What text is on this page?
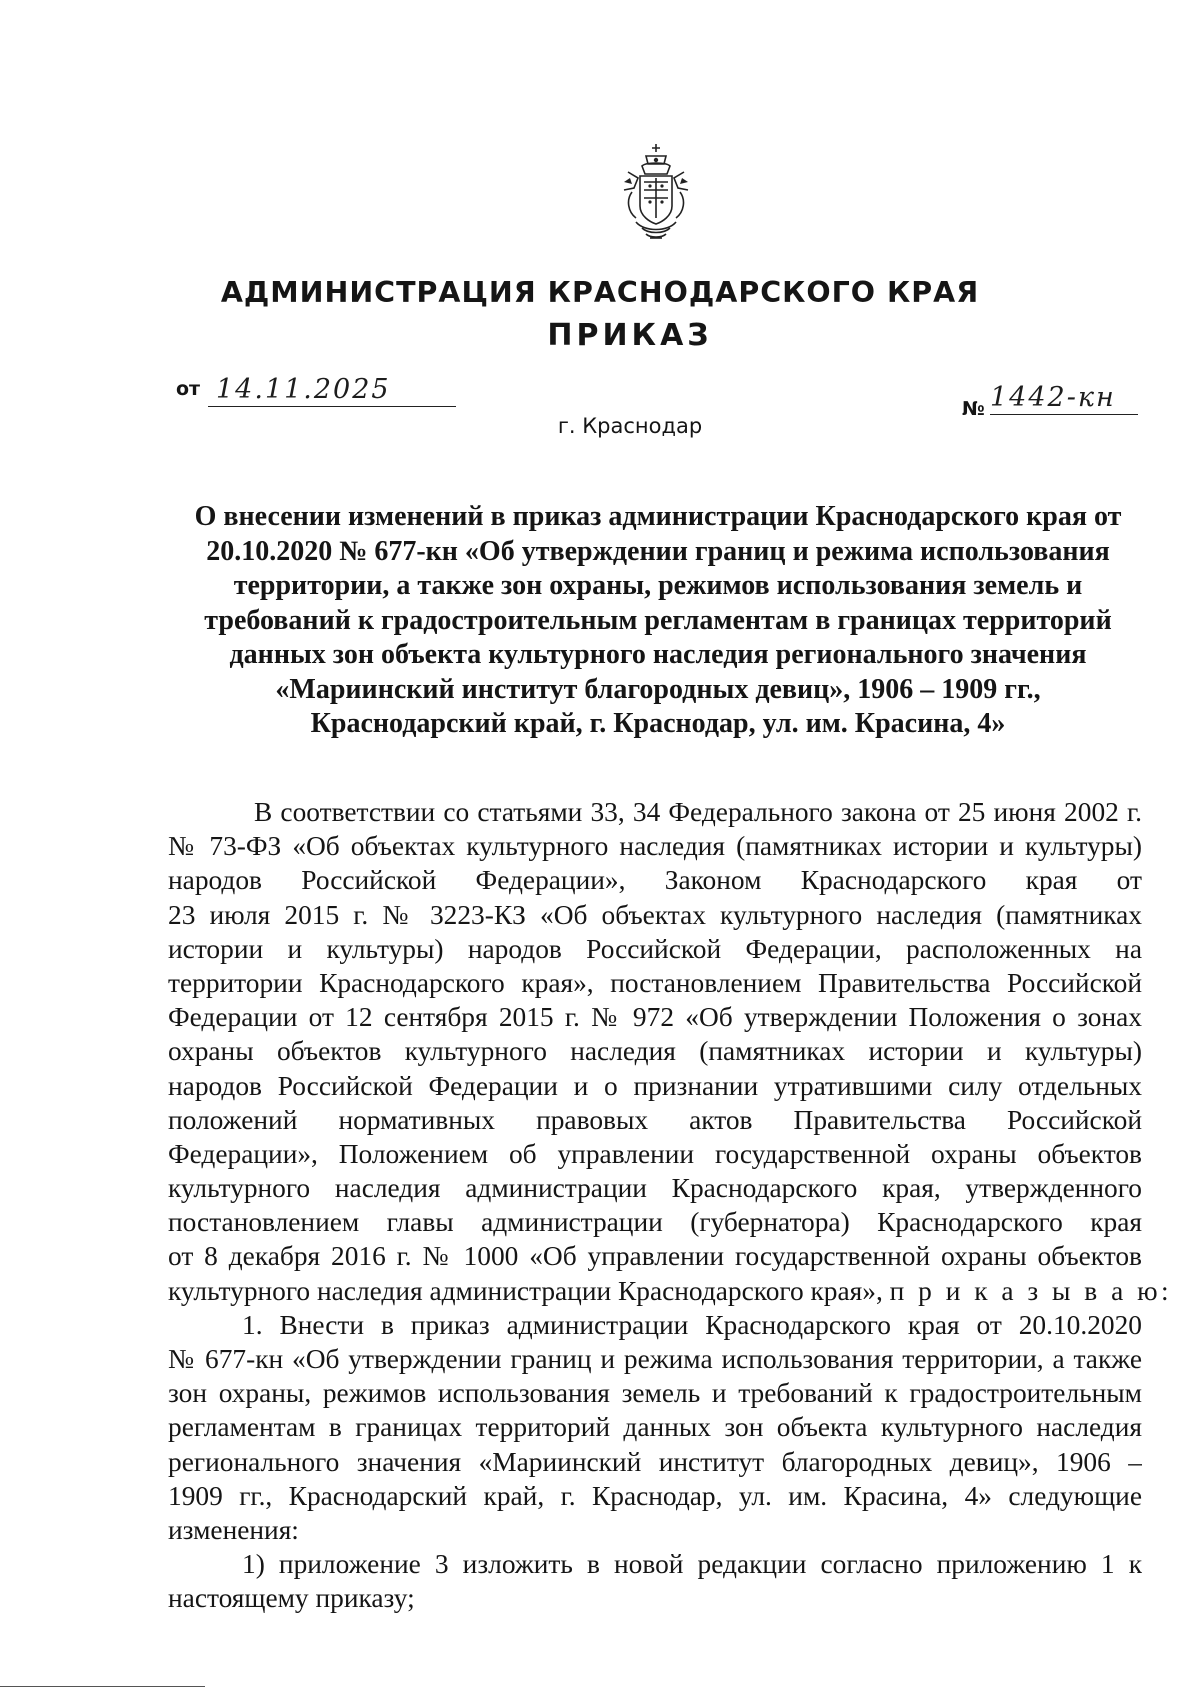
АДМИНИСТРАЦИЯ КРАСНОДАРСКОГО КРАЯ
ПРИКАЗ
от 14.11.2025
г. Краснодар
№ 1442-кн
О внесении изменений в приказ администрации Краснодарского края от
20.10.2020 № 677-кн «Об утверждении границ и режима использования
территории, а также зон охраны, режимов использования земель и
требований к градостроительным регламентам в границах территорий
данных зон объекта культурного наследия регионального значения
«Мариинский институт благородных девиц», 1906 – 1909 гг.,
Краснодарский край, г. Краснодар, ул. им. Красина, 4»
В соответствии со статьями 33, 34 Федерального закона от 25 июня 2002 г.
№ 73-ФЗ «Об объектах культурного наследия (памятниках истории и культуры)
народов Российской Федерации», Законом Краснодарского края от
23 июля 2015 г. № 3223-КЗ «Об объектах культурного наследия (памятниках
истории и культуры) народов Российской Федерации, расположенных на
территории Краснодарского края», постановлением Правительства Российской
Федерации от 12 сентября 2015 г. № 972 «Об утверждении Положения о зонах
охраны объектов культурного наследия (памятниках истории и культуры)
народов Российской Федерации и о признании утратившими силу отдельных
положений нормативных правовых актов Правительства Российской
Федерации», Положением об управлении государственной охраны объектов
культурного наследия администрации Краснодарского края, утвержденного
постановлением главы администрации (губернатора) Краснодарского края
от 8 декабря 2016 г. № 1000 «Об управлении государственной охраны объектов
культурного наследия администрации Краснодарского края», п р и к а з ы в а ю:
1. Внести в приказ администрации Краснодарского края от 20.10.2020
№ 677-кн «Об утверждении границ и режима использования территории, а также
зон охраны, режимов использования земель и требований к градостроительным
регламентам в границах территорий данных зон объекта культурного наследия
регионального значения «Мариинский институт благородных девиц», 1906 –
1909 гг., Краснодарский край, г. Краснодар, ул. им. Красина, 4» следующие
изменения:
1) приложение 3 изложить в новой редакции согласно приложению 1 к
настоящему приказу;
